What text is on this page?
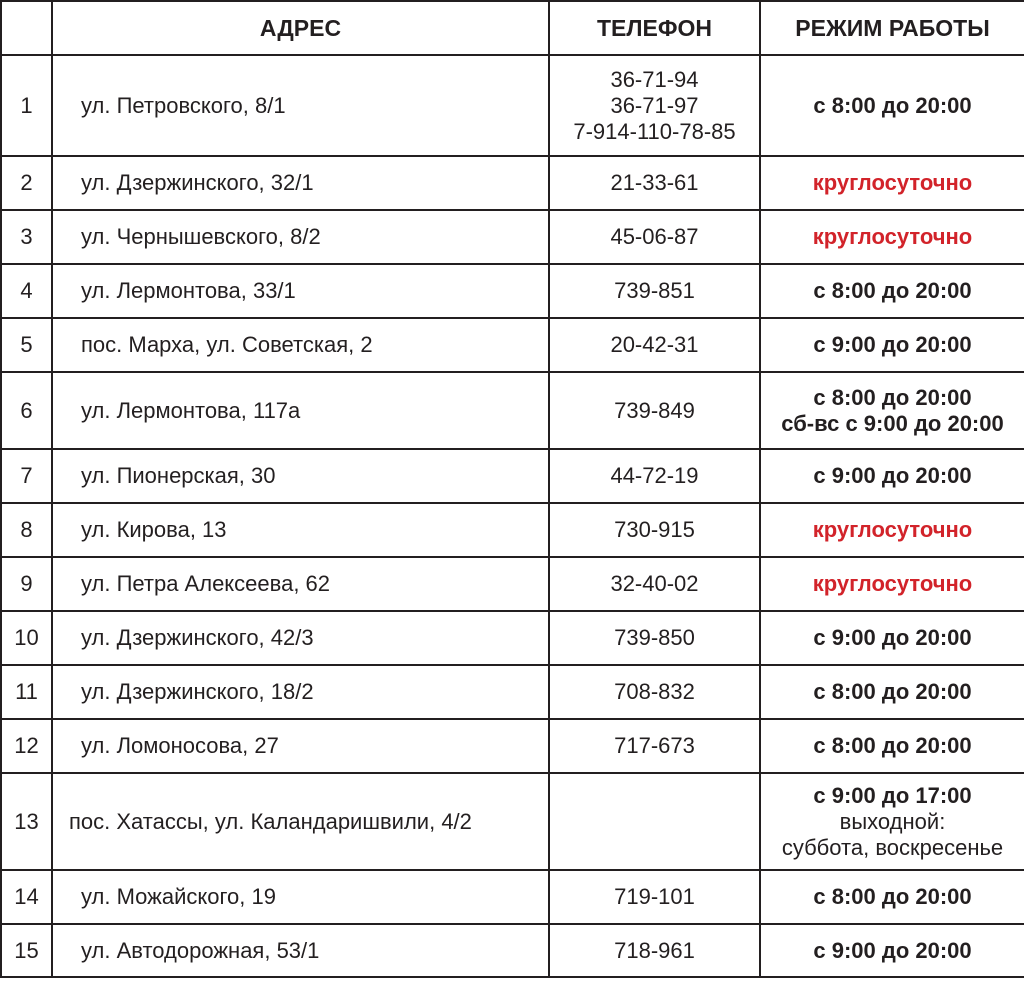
	АДРЕС	ТЕЛЕФОН	РЕЖИМ РАБОТЫ
1	ул. Петровского, 8/1	36-71-94
36-71-97
7-914-110-78-85	с 8:00 до 20:00

2	ул. Дзержинского, 32/1	21-33-61	круглосуточно

3	ул. Чернышевского, 8/2	45-06-87	круглосуточно

4	ул. Лермонтова, 33/1	739-851	с 8:00 до 20:00

5	пос. Марха, ул. Советская, 2	20-42-31	с 9:00 до 20:00

6	ул. Лермонтова, 117а	739-849	с 8:00 до 20:00
сб-вс с 9:00 до 20:00

7	ул. Пионерская, 30	44-72-19	с 9:00 до 20:00

8	ул. Кирова, 13	730-915	круглосуточно

9	ул. Петра Алексеева, 62	32-40-02	круглосуточно

10	ул. Дзержинского, 42/3	739-850	с 9:00 до 20:00

11	ул. Дзержинского, 18/2	708-832	с 8:00 до 20:00

12	ул. Ломоносова, 27	717-673	с 8:00 до 20:00

13	пос. Хатассы, ул. Каландаришвили, 4/2		с 9:00 до 17:00
выходной:
суббота, воскресенье

14	ул. Можайского, 19	719-101	с 8:00 до 20:00

15	ул. Автодорожная, 53/1	718-961	с 9:00 до 20:00
